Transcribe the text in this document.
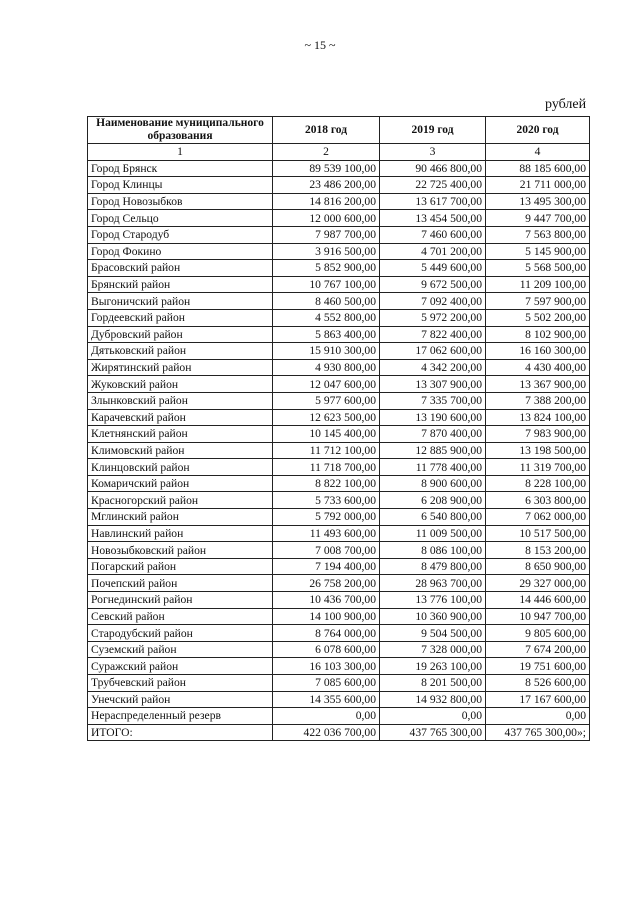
~ 15 ~
рублей
Наименование муниципального образования	2018 год	2019 год	2020 год
1	2	3	4
Город Брянск	89 539 100,00	90 466 800,00	88 185 600,00
Город Клинцы	23 486 200,00	22 725 400,00	21 711 000,00
Город Новозыбков	14 816 200,00	13 617 700,00	13 495 300,00
Город Сельцо	12 000 600,00	13 454 500,00	9 447 700,00
Город Стародуб	7 987 700,00	7 460 600,00	7 563 800,00
Город Фокино	3 916 500,00	4 701 200,00	5 145 900,00
Брасовский район	5 852 900,00	5 449 600,00	5 568 500,00
Брянский район	10 767 100,00	9 672 500,00	11 209 100,00
Выгоничский район	8 460 500,00	7 092 400,00	7 597 900,00
Гордеевский район	4 552 800,00	5 972 200,00	5 502 200,00
Дубровский район	5 863 400,00	7 822 400,00	8 102 900,00
Дятьковский район	15 910 300,00	17 062 600,00	16 160 300,00
Жирятинский район	4 930 800,00	4 342 200,00	4 430 400,00
Жуковский район	12 047 600,00	13 307 900,00	13 367 900,00
Злынковский район	5 977 600,00	7 335 700,00	7 388 200,00
Карачевский район	12 623 500,00	13 190 600,00	13 824 100,00
Клетнянский район	10 145 400,00	7 870 400,00	7 983 900,00
Климовский район	11 712 100,00	12 885 900,00	13 198 500,00
Клинцовский район	11 718 700,00	11 778 400,00	11 319 700,00
Комаричский район	8 822 100,00	8 900 600,00	8 228 100,00
Красногорский район	5 733 600,00	6 208 900,00	6 303 800,00
Мглинский район	5 792 000,00	6 540 800,00	7 062 000,00
Навлинский район	11 493 600,00	11 009 500,00	10 517 500,00
Новозыбковский район	7 008 700,00	8 086 100,00	8 153 200,00
Погарский район	7 194 400,00	8 479 800,00	8 650 900,00
Почепский район	26 758 200,00	28 963 700,00	29 327 000,00
Рогнединский район	10 436 700,00	13 776 100,00	14 446 600,00
Севский район	14 100 900,00	10 360 900,00	10 947 700,00
Стародубский район	8 764 000,00	9 504 500,00	9 805 600,00
Суземский район	6 078 600,00	7 328 000,00	7 674 200,00
Суражский район	16 103 300,00	19 263 100,00	19 751 600,00
Трубчевский район	7 085 600,00	8 201 500,00	8 526 600,00
Унечский район	14 355 600,00	14 932 800,00	17 167 600,00
Нераспределенный резерв	0,00	0,00	0,00
ИТОГО:	422 036 700,00	437 765 300,00	437 765 300,00»;
